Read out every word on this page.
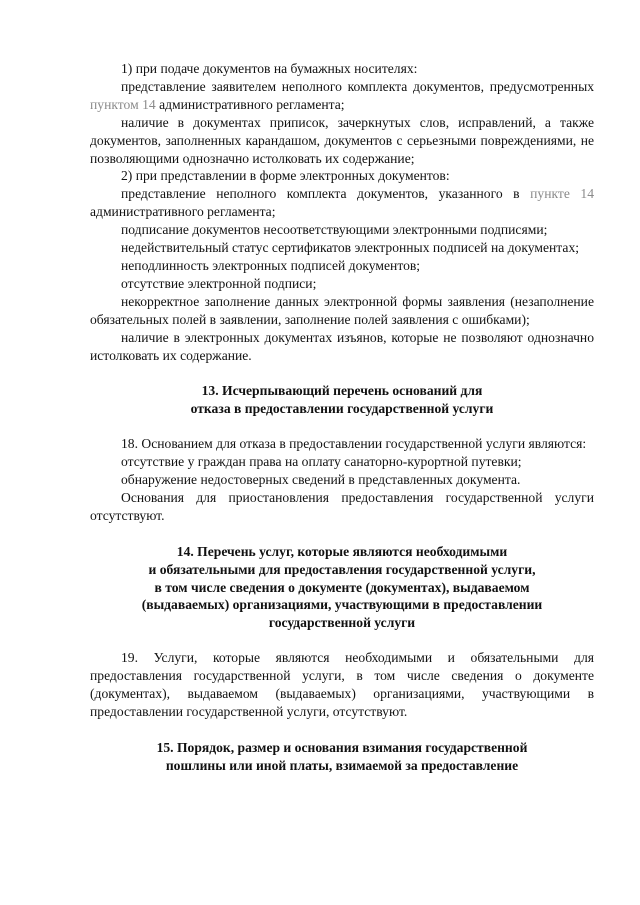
1) при подаче документов на бумажных носителях:

представление заявителем неполного комплекта документов, предусмотренных пунктом 14 административного регламента;

наличие в документах приписок, зачеркнутых слов, исправлений, а также документов, заполненных карандашом, документов с серьезными повреждениями, не позволяющими однозначно истолковать их содержание;

2) при представлении в форме электронных документов:

представление неполного комплекта документов, указанного в пункте 14 административного регламента;

подписание документов несоответствующими электронными подписями;

недействительный статус сертификатов электронных подписей на документах;

неподлинность электронных подписей документов;

отсутствие электронной подписи;

некорректное заполнение данных электронной формы заявления (незаполнение обязательных полей в заявлении, заполнение полей заявления с ошибками);

наличие в электронных документах изъянов, которые не позволяют однозначно истолковать их содержание.

13. Исчерпывающий перечень оснований для

отказа в предоставлении государственной услуги

18. Основанием для отказа в предоставлении государственной услуги являются:

отсутствие у граждан права на оплату санаторно-курортной путевки;

обнаружение недостоверных сведений в представленных документа.

Основания для приостановления предоставления государственной услуги отсутствуют.

14. Перечень услуг, которые являются необходимыми

и обязательными для предоставления государственной услуги,

в том числе сведения о документе (документах), выдаваемом

(выдаваемых) организациями, участвующими в предоставлении

государственной услуги

19. Услуги, которые являются необходимыми и обязательными для предоставления государственной услуги, в том числе сведения о документе (документах), выдаваемом (выдаваемых) организациями, участвующими в предоставлении государственной услуги, отсутствуют.

15. Порядок, размер и основания взимания государственной

пошлины или иной платы, взимаемой за предоставление
